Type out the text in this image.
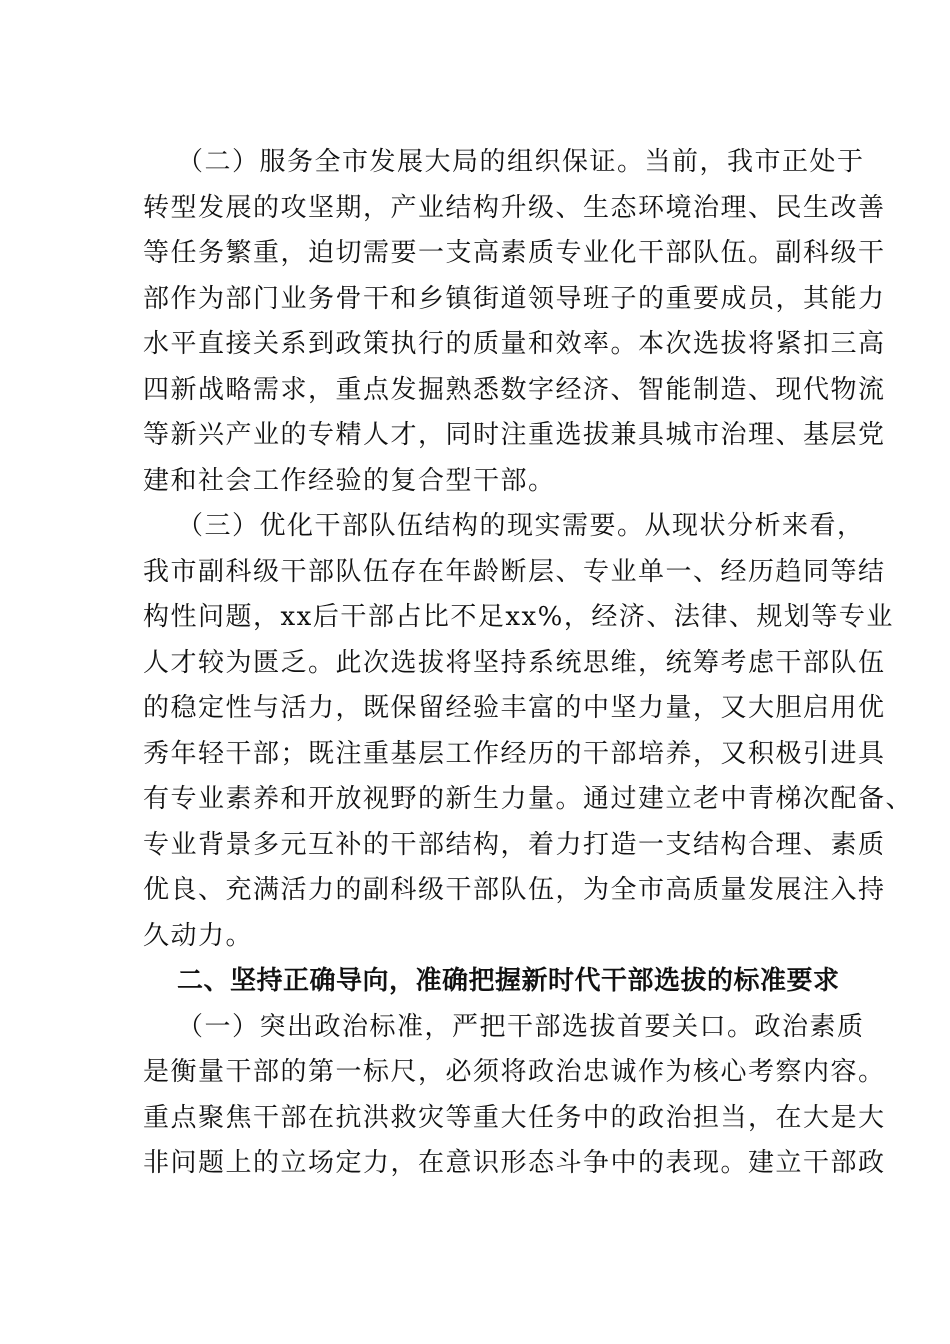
（二）服务全市发展大局的组织保证。当前，我市正处于
转型发展的攻坚期，产业结构升级、生态环境治理、民生改善
等任务繁重，迫切需要一支高素质专业化干部队伍。副科级干
部作为部门业务骨干和乡镇街道领导班子的重要成员，其能力
水平直接关系到政策执行的质量和效率。本次选拔将紧扣三高
四新战略需求，重点发掘熟悉数字经济、智能制造、现代物流
等新兴产业的专精人才，同时注重选拔兼具城市治理、基层党
建和社会工作经验的复合型干部。
（三）优化干部队伍结构的现实需要。从现状分析来看，
我市副科级干部队伍存在年龄断层、专业单一、经历趋同等结
构性问题，xx后干部占比不足xx%，经济、法律、规划等专业
人才较为匮乏。此次选拔将坚持系统思维，统筹考虑干部队伍
的稳定性与活力，既保留经验丰富的中坚力量，又大胆启用优
秀年轻干部；既注重基层工作经历的干部培养，又积极引进具
有专业素养和开放视野的新生力量。通过建立老中青梯次配备、
专业背景多元互补的干部结构，着力打造一支结构合理、素质
优良、充满活力的副科级干部队伍，为全市高质量发展注入持
久动力。
二、坚持正确导向，准确把握新时代干部选拔的标准要求
（一）突出政治标准，严把干部选拔首要关口。政治素质
是衡量干部的第一标尺，必须将政治忠诚作为核心考察内容。
重点聚焦干部在抗洪救灾等重大任务中的政治担当，在大是大
非问题上的立场定力，在意识形态斗争中的表现。建立干部政
